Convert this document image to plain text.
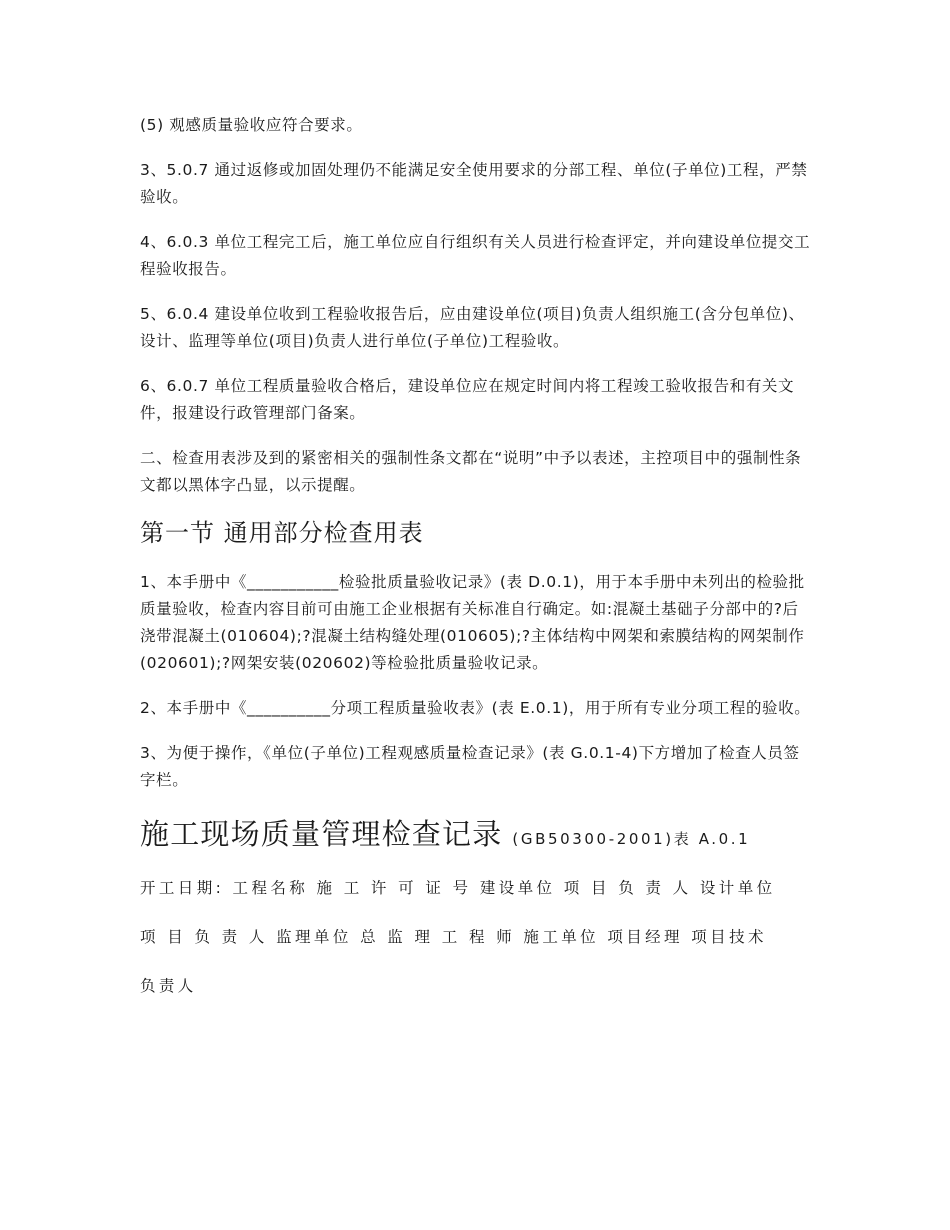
(5) 观感质量验收应符合要求。

3、5.0.7 通过返修或加固处理仍不能满足安全使用要求的分部工程、单位(子单位)工程，严禁验收。

4、6.0.3 单位工程完工后，施工单位应自行组织有关人员进行检查评定，并向建设单位提交工程验收报告。

5、6.0.4 建设单位收到工程验收报告后，应由建设单位(项目)负责人组织施工(含分包单位)、设计、监理等单位(项目)负责人进行单位(子单位)工程验收。

6、6.0.7 单位工程质量验收合格后，建设单位应在规定时间内将工程竣工验收报告和有关文件，报建设行政管理部门备案。

二、检查用表涉及到的紧密相关的强制性条文都在“说明”中予以表述，主控项目中的强制性条文都以黑体字凸显，以示提醒。

第一节 通用部分检查用表

1、本手册中《___________检验批质量验收记录》(表 D.0.1)，用于本手册中未列出的检验批质量验收，检查内容目前可由施工企业根据有关标准自行确定。如:混凝土基础子分部中的?后浇带混凝土(010604);?混凝土结构缝处理(010605);?主体结构中网架和索膜结构的网架制作(020601);?网架安装(020602)等检验批质量验收记录。

2、本手册中《__________分项工程质量验收表》(表 E.0.1)，用于所有专业分项工程的验收。

3、为便于操作，《单位(子单位)工程观感质量检查记录》(表 G.0.1-4)下方增加了检查人员签字栏。

施工现场质量管理检查记录 (GB50300-2001)表 A.0.1
开工日期: 工程名称 施 工 许 可 证 号 建设单位 项 目 负 责 人 设计单位
项 目 负 责 人 监理单位 总 监 理 工 程 师 施工单位 项目经理 项目技术
负责人
